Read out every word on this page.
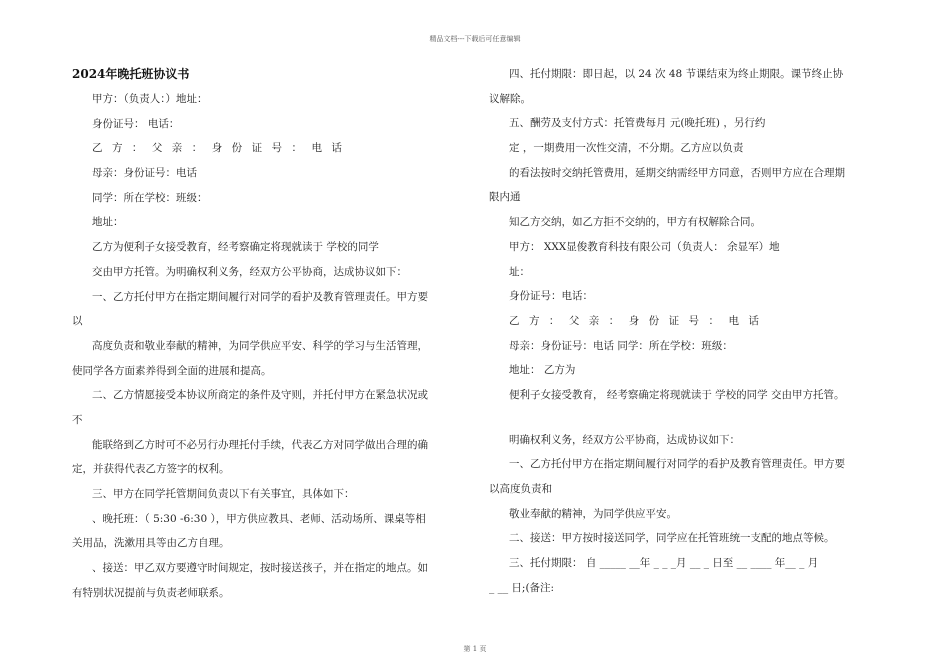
精品文档---下载后可任意编辑
2024年晚托班协议书
甲方：（负责人：）地址：
身份证号： 电话：
乙方：父亲：身份证号：电话
母亲：身份证号：电话
同学：所在学校：班级：
地址：
乙方为便利子女接受教育，经考察确定将现就读于 学校的同学
交由甲方托管。为明确权利义务，经双方公平协商，达成协议如下：
一、乙方托付甲方在指定期间履行对同学的看护及教育管理责任。甲方要
以
高度负责和敬业奉献的精神，为同学供应平安、科学的学习与生活管理，
使同学各方面素养得到全面的进展和提高。
二、乙方情愿接受本协议所商定的条件及守则，并托付甲方在紧急状况或
不
能联络到乙方时可不必另行办理托付手续，代表乙方对同学做出合理的确
定，并获得代表乙方签字的权利。
三、甲方在同学托管期间负责以下有关事宜，具体如下：
、晚托班：（ 5:30 -6:30 ），甲方供应教具、老师、活动场所、课桌等相
关用品，洗漱用具等由乙方自理。
、接送：甲乙双方要遵守时间规定，按时接送孩子，并在指定的地点。如
有特别状况提前与负责老师联系。
四、托付期限：即日起，以 24 次 48 节课结束为终止期限。课节终止协
议解除。
五、酬劳及支付方式：托管费每月 元(晚托班) ，另行约
定 ，一期费用一次性交清，不分期。乙方应以负责
的看法按时交纳托管费用，延期交纳需经甲方同意，否则甲方应在合理期
限内通
知乙方交纳，如乙方拒不交纳的，甲方有权解除合同。
甲方： XXX显俊教育科技有限公司（负责人： 余显军）地
址：
身份证号：电话：
乙方：父亲：身份证号：电话
母亲：身份证号：电话 同学：所在学校：班级：
地址： 乙方为
便利子女接受教育， 经考察确定将现就读于 学校的同学 交由甲方托管。
明确权利义务，经双方公平协商，达成协议如下：
一、乙方托付甲方在指定期间履行对同学的看护及教育管理责任。甲方要
以高度负责和
敬业奉献的精神，为同学供应平安。
二、接送：甲方按时接送同学，同学应在托管班统一支配的地点等候。
三、托付期限： 自 _____ __年 _ _ _月 __ _ 日至 __ ____ 年__ _ 月
_ __ 日;(备注:
第 1 页
